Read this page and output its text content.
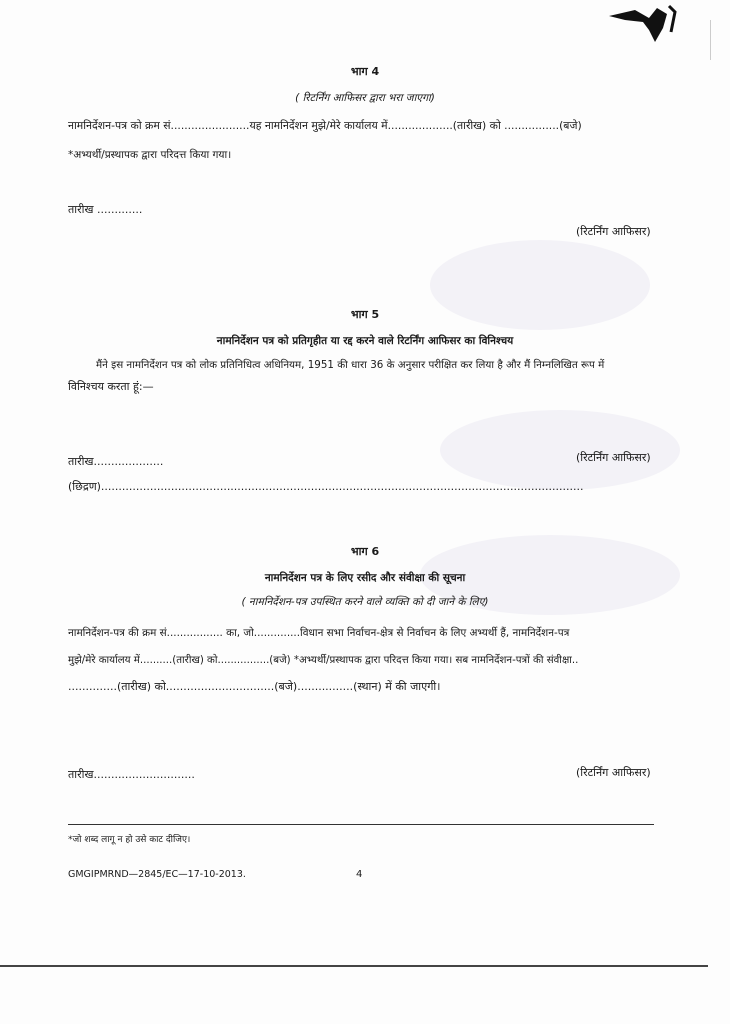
भाग 4
( रिटर्निंग आफिसर द्वारा भरा जाएगा)
नामनिर्देशन-पत्र को क्रम सं.......................यह नामनिर्देशन मुझे/मेरे कार्यालय में...................(तारीख) को ................(बजे)
*अभ्यर्थी/प्रस्थापक द्वारा परिदत्त किया गया।
तारीख .............
(रिटर्निंग आफिसर)
भाग 5
नामनिर्देशन पत्र को प्रतिगृहीत या रद्द करने वाले रिटर्निंग आफिसर का विनिश्चय
मैंने इस नामनिर्देशन पत्र को लोक प्रतिनिधित्व अधिनियम, 1951 की धारा 36 के अनुसार परीक्षित कर लिया है और मैं निम्नलिखित रूप में
विनिश्चय करता हूं:—
तारीख....................	(रिटर्निंग आफिसर)
(छिद्रण)..........................................................................................................................................
भाग 6
नामनिर्देशन पत्र के लिए रसीद और संवीक्षा की सूचना
( नामनिर्देशन-पत्र उपस्थित करने वाले व्यक्ति को दी जाने के लिए)
नामनिर्देशन-पत्र की क्रम सं................. का, जो..............विधान सभा निर्वाचन-क्षेत्र से निर्वाचन के लिए अभ्यर्थी हैं, नामनिर्देशन-पत्र
मुझे/मेरे कार्यालय में..........(तारीख) को................(बजे) *अभ्यर्थी/प्रस्थापक द्वारा परिदत्त किया गया। सब नामनिर्देशन-पत्रों की संवीक्षा..
..............(तारीख) को...............................(बजे)................(स्थान) में की जाएगी।
तारीख.............................	(रिटर्निंग आफिसर)
*जो शब्द लागू न हो उसे काट दीजिए।
GMGIPMRND—2845/EC—17-10-2013.	4
